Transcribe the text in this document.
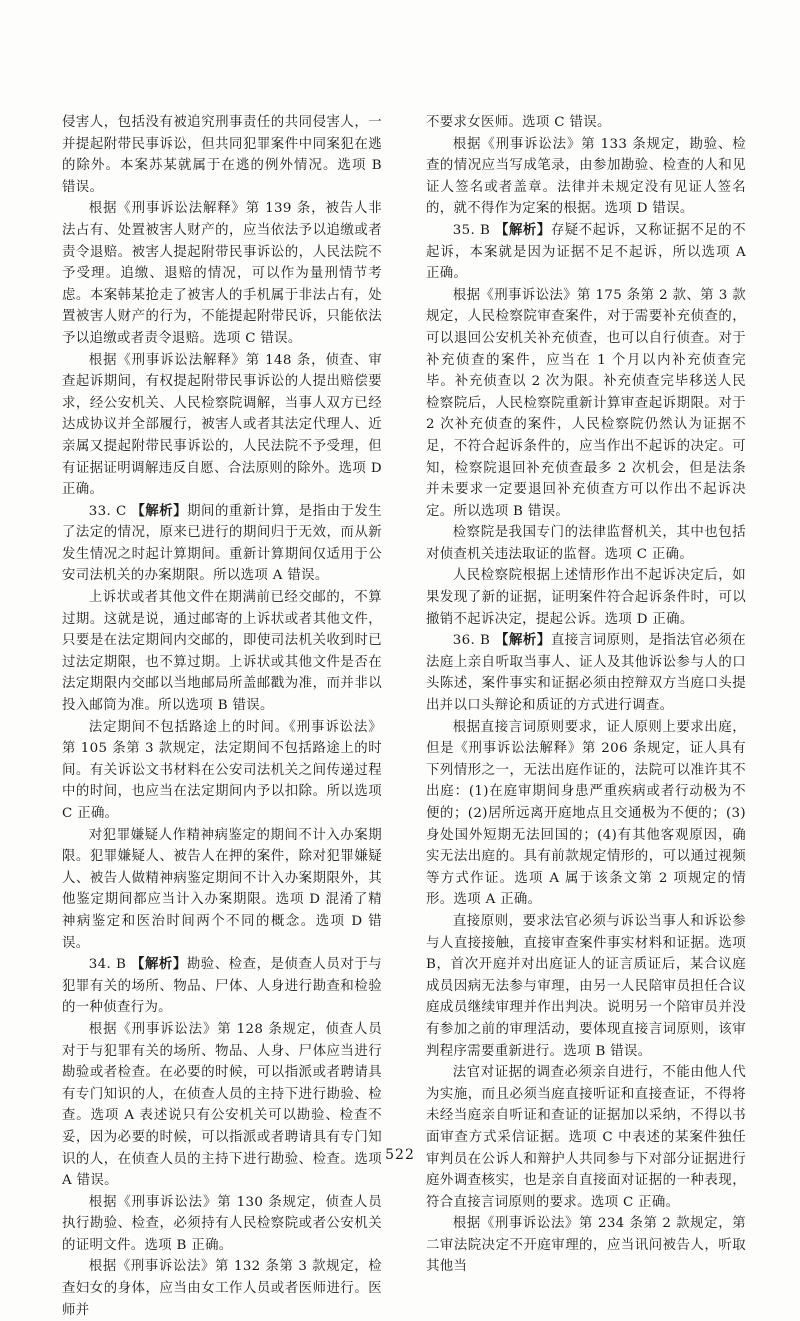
侵害人，包括没有被追究刑事责任的共同侵害人，一并提起附带民事诉讼，但共同犯罪案件中同案犯在逃的除外。本案苏某就属于在逃的例外情况。选项 B 错误。

根据《刑事诉讼法解释》第 139 条，被告人非法占有、处置被害人财产的，应当依法予以追缴或者责令退赔。被害人提起附带民事诉讼的，人民法院不予受理。追缴、退赔的情况，可以作为量刑情节考虑。本案韩某抢走了被害人的手机属于非法占有，处置被害人财产的行为，不能提起附带民诉，只能依法予以追缴或者责令退赔。选项 C 错误。

根据《刑事诉讼法解释》第 148 条，侦查、审查起诉期间，有权提起附带民事诉讼的人提出赔偿要求，经公安机关、人民检察院调解，当事人双方已经达成协议并全部履行，被害人或者其法定代理人、近亲属又提起附带民事诉讼的，人民法院不予受理，但有证据证明调解违反自愿、合法原则的除外。选项 D 正确。

33. C 【解析】期间的重新计算，是指由于发生了法定的情况，原来已进行的期间归于无效，而从新发生情况之时起计算期间。重新计算期间仅适用于公安司法机关的办案期限。所以选项 A 错误。

上诉状或者其他文件在期满前已经交邮的，不算过期。这就是说，通过邮寄的上诉状或者其他文件，只要是在法定期间内交邮的，即使司法机关收到时已过法定期限，也不算过期。上诉状或其他文件是否在法定期限内交邮以当地邮局所盖邮戳为准，而并非以投入邮筒为准。所以选项 B 错误。

法定期间不包括路途上的时间。《刑事诉讼法》第 105 条第 3 款规定，法定期间不包括路途上的时间。有关诉讼文书材料在公安司法机关之间传递过程中的时间，也应当在法定期间内予以扣除。所以选项 C 正确。

对犯罪嫌疑人作精神病鉴定的期间不计入办案期限。犯罪嫌疑人、被告人在押的案件，除对犯罪嫌疑人、被告人做精神病鉴定期间不计入办案期限外，其他鉴定期间都应当计入办案期限。选项 D 混淆了精神病鉴定和医治时间两个不同的概念。选项 D 错误。

34. B 【解析】勘验、检查，是侦查人员对于与犯罪有关的场所、物品、尸体、人身进行勘查和检验的一种侦查行为。

根据《刑事诉讼法》第 128 条规定，侦查人员对于与犯罪有关的场所、物品、人身、尸体应当进行勘验或者检查。在必要的时候，可以指派或者聘请具有专门知识的人，在侦查人员的主持下进行勘验、检查。选项 A 表述说只有公安机关可以勘验、检查不妥，因为必要的时候，可以指派或者聘请具有专门知识的人，在侦查人员的主持下进行勘验、检查。选项 A 错误。

根据《刑事诉讼法》第 130 条规定，侦查人员执行勘验、检查，必须持有人民检察院或者公安机关的证明文件。选项 B 正确。

根据《刑事诉讼法》第 132 条第 3 款规定，检查妇女的身体，应当由女工作人员或者医师进行。医师并

不要求女医师。选项 C 错误。

根据《刑事诉讼法》第 133 条规定，勘验、检查的情况应当写成笔录，由参加勘验、检查的人和见证人签名或者盖章。法律并未规定没有见证人签名的，就不得作为定案的根据。选项 D 错误。

35. B 【解析】存疑不起诉，又称证据不足的不起诉，本案就是因为证据不足不起诉，所以选项 A 正确。

根据《刑事诉讼法》第 175 条第 2 款、第 3 款规定，人民检察院审查案件，对于需要补充侦查的，可以退回公安机关补充侦查，也可以自行侦查。对于补充侦查的案件，应当在 1 个月以内补充侦查完毕。补充侦查以 2 次为限。补充侦查完毕移送人民检察院后，人民检察院重新计算审查起诉期限。对于 2 次补充侦查的案件，人民检察院仍然认为证据不足，不符合起诉条件的，应当作出不起诉的决定。可知，检察院退回补充侦查最多 2 次机会，但是法条并未要求一定要退回补充侦查方可以作出不起诉决定。所以选项 B 错误。

检察院是我国专门的法律监督机关，其中也包括对侦查机关违法取证的监督。选项 C 正确。

人民检察院根据上述情形作出不起诉决定后，如果发现了新的证据，证明案件符合起诉条件时，可以撤销不起诉决定，提起公诉。选项 D 正确。

36. B 【解析】直接言词原则，是指法官必须在法庭上亲自听取当事人、证人及其他诉讼参与人的口头陈述，案件事实和证据必须由控辩双方当庭口头提出并以口头辩论和质证的方式进行调查。

根据直接言词原则要求，证人原则上要求出庭，但是《刑事诉讼法解释》第 206 条规定，证人具有下列情形之一，无法出庭作证的，法院可以准许其不出庭：(1)在庭审期间身患严重疾病或者行动极为不便的；(2)居所远离开庭地点且交通极为不便的；(3)身处国外短期无法回国的；(4)有其他客观原因，确实无法出庭的。具有前款规定情形的，可以通过视频等方式作证。选项 A 属于该条文第 2 项规定的情形。选项 A 正确。

直接原则，要求法官必须与诉讼当事人和诉讼参与人直接接触，直接审查案件事实材料和证据。选项 B，首次开庭并对出庭证人的证言质证后，某合议庭成员因病无法参与审理，由另一人民陪审员担任合议庭成员继续审理并作出判决。说明另一个陪审员并没有参加之前的审理活动，要体现直接言词原则，该审判程序需要重新进行。选项 B 错误。

法官对证据的调查必须亲自进行，不能由他人代为实施，而且必须当庭直接听证和直接查证，不得将未经当庭亲自听证和查证的证据加以采纳，不得以书面审查方式采信证据。选项 C 中表述的某案件独任审判员在公诉人和辩护人共同参与下对部分证据进行庭外调查核实，也是亲自直接面对证据的一种表现，符合直接言词原则的要求。选项 C 正确。

根据《刑事诉讼法》第 234 条第 2 款规定，第二审法院决定不开庭审理的，应当讯问被告人，听取其他当

522
